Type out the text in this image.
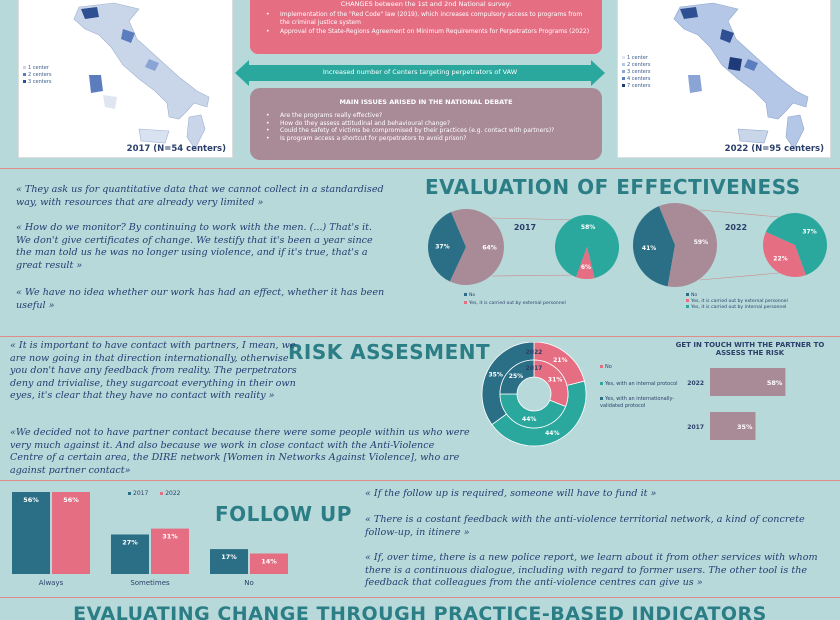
1 center
2 centers
3 centers
2017 (N=54 centers)
1 center
2 centers
3 centers
4 centers
7 centers
2022 (N=95 centers)
CHANGES between the 1st and 2nd National survey:
• Implementation of the "Red Code" law (2019), which increases compulsory access to programs from the criminal justice system
• Approval of the State-Regions Agreement on Minimum Requirements for Perpetrators Programs (2022)
Increased number of Centers targeting perpetrators of VAW
MAIN ISSUES ARISED IN THE NATIONAL DEBATE
• Are the programs really effective?
• How do they assess attitudinal and behavioural change?
• Could the safety of victims be compromised by their practices (e.g. contact with partners)?
• Is program access a shortcut for perpetrators to avoid prison?
EVALUATION OF EFFECTIVENESS
« They ask us for quantitative data that we cannot collect in a standardised way, with resources that are already very limited »
« How do we monitor? By continuing to work with the men. (...) That's it. We don't give certificates of change. We testify that it's been a year since the man told us he was no longer using violence, and if it's true, that's a great result »
« We have no idea whether our work has had an effect, whether it has been useful »
37%	64%
58%
6%
2017
41%
59%
22%
37%
2022
No
Yes, it is carried out by external personnel
No
Yes, it is carried out by external personnel
Yes, it is carried out by internal personnel
RISK ASSESMENT
« It is important to have contact with partners, I mean, we are now going in that direction internationally, otherwise you don't have any feedback from reality. The perpetrators deny and trivialise, they sugarcoat everything in their own eyes, it's clear that they have no contact with reality »
«We decided not to have partner contact because there were some people within us who were very much against it. And also because we work in close contact with the Anti-Violence Centre of a certain area, the DIRE network [Women in Networks Against Violence], who are against partner contact»
21%
44%
35%
2022
31%
44%
25%
2017	No
Yes, with an internal protocol
Yes, with an internationally-validated protocol
GET IN TOUCH WITH THE PARTNER TO ASSESS THE RISK
2022	58%
2017	35%
56%	56%
Always
27%
31%
Sometimes
17%
14%
No
2017	2022
FOLLOW UP
« If the follow up is required, someone will have to fund it »
« There is a costant feedback with the anti-violence territorial network, a kind of concrete follow-up, in itinere »
« If, over time, there is a new police report, we learn about it from other services with whom there is a continuous dialogue, including with regard to former users. The other tool is the feedback that colleagues from the anti-violence centres can give us »
EVALUATING CHANGE THROUGH PRACTICE-BASED INDICATORS
